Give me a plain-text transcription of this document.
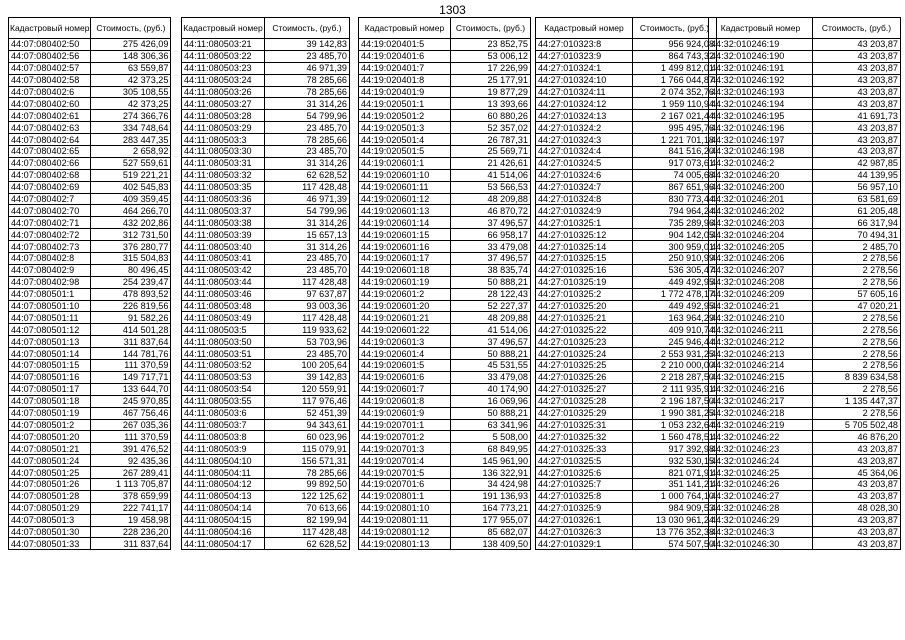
1303
Кадастровый номер	Стоимость, (руб.)
44:07:080402:50	275 426,09
44:07:080402:56	148 306,36
44:07:080402:57	63 559,87
44:07:080402:58	42 373,25
44:07:080402:6	305 108,55
44:07:080402:60	42 373,25
44:07:080402:61	274 366,76
44:07:080402:63	334 748,64
44:07:080402:64	283 447,35
44:07:080402:65	2 658,92
44:07:080402:66	527 559,61
44:07:080402:68	519 221,21
44:07:080402:69	402 545,83
44:07:080402:7	409 359,45
44:07:080402:70	464 266,70
44:07:080402:71	432 202,86
44:07:080402:72	312 731,50
44:07:080402:73	376 280,77
44:07:080402:8	315 504,83
44:07:080402:9	80 496,45
44:07:080402:98	254 239,47
44:07:080501:1	478 893,52
44:07:080501:10	226 819,56
44:07:080501:11	91 582,26
44:07:080501:12	414 501,28
44:07:080501:13	311 837,64
44:07:080501:14	144 781,76
44:07:080501:15	111 370,59
44:07:080501:16	149 717,71
44:07:080501:17	133 644,70
44:07:080501:18	245 970,85
44:07:080501:19	467 756,46
44:07:080501:2	267 035,36
44:07:080501:20	111 370,59
44:07:080501:21	391 476,52
44:07:080501:24	92 435,36
44:07:080501:25	267 289,41
44:07:080501:26	1 113 705,87
44:07:080501:28	378 659,99
44:07:080501:29	222 741,17
44:07:080501:3	19 458,98
44:07:080501:30	228 236,20
44:07:080501:33	311 837,64
Кадастровый номер	Стоимость, (руб.)
44:11:080503:21	39 142,83
44:11:080503:22	23 485,70
44:11:080503:23	46 971,39
44:11:080503:24	78 285,66
44:11:080503:26	78 285,66
44:11:080503:27	31 314,26
44:11:080503:28	54 799,96
44:11:080503:29	23 485,70
44:11:080503:3	78 285,66
44:11:080503:30	23 485,70
44:11:080503:31	31 314,26
44:11:080503:32	62 628,52
44:11:080503:35	117 428,48
44:11:080503:36	46 971,39
44:11:080503:37	54 799,96
44:11:080503:38	31 314,26
44:11:080503:39	15 657,13
44:11:080503:40	31 314,26
44:11:080503:41	23 485,70
44:11:080503:42	23 485,70
44:11:080503:44	117 428,48
44:11:080503:46	97 637,87
44:11:080503:48	93 003,36
44:11:080503:49	117 428,48
44:11:080503:5	119 933,62
44:11:080503:50	53 703,96
44:11:080503:51	23 485,70
44:11:080503:52	100 205,64
44:11:080503:53	39 142,83
44:11:080503:54	120 559,91
44:11:080503:55	117 976,46
44:11:080503:6	52 451,39
44:11:080503:7	94 343,61
44:11:080503:8	60 023,96
44:11:080503:9	115 079,91
44:11:080504:10	156 571,31
44:11:080504:11	78 285,66
44:11:080504:12	99 892,50
44:11:080504:13	122 125,62
44:11:080504:14	70 613,66
44:11:080504:15	82 199,94
44:11:080504:16	117 428,48
44:11:080504:17	62 628,52
Кадастровый номер	Стоимость, (руб.)
44:19:020401:5	23 852,75
44:19:020401:6	53 006,12
44:19:020401:7	17 226,99
44:19:020401:8	25 177,91
44:19:020401:9	19 877,29
44:19:020501:1	13 393,66
44:19:020501:2	60 880,26
44:19:020501:3	52 357,02
44:19:020501:4	26 787,31
44:19:020501:5	25 569,71
44:19:020601:1	21 426,61
44:19:020601:10	41 514,06
44:19:020601:11	53 566,53
44:19:020601:12	48 209,88
44:19:020601:13	46 870,72
44:19:020601:14	37 496,57
44:19:020601:15	66 958,17
44:19:020601:16	33 479,08
44:19:020601:17	37 496,57
44:19:020601:18	38 835,74
44:19:020601:19	50 888,21
44:19:020601:2	28 122,43
44:19:020601:20	52 227,37
44:19:020601:21	48 209,88
44:19:020601:22	41 514,06
44:19:020601:3	37 496,57
44:19:020601:4	50 888,21
44:19:020601:5	45 531,55
44:19:020601:6	33 479,08
44:19:020601:7	40 174,90
44:19:020601:8	16 069,96
44:19:020601:9	50 888,21
44:19:020701:1	63 341,96
44:19:020701:2	5 508,00
44:19:020701:3	68 849,95
44:19:020701:4	145 961,90
44:19:020701:5	136 322,91
44:19:020701:6	34 424,98
44:19:020801:1	191 136,93
44:19:020801:10	164 773,21
44:19:020801:11	177 955,07
44:19:020801:12	85 682,07
44:19:020801:13	138 409,50
Кадастровый номер	Стоимость, (руб.)
44:27:010323:8	956 924,08
44:27:010323:9	864 743,32
44:27:010324:1	1 499 812,01
44:27:010324:10	1 766 044,87
44:27:010324:11	2 074 352,76
44:27:010324:12	1 959 110,94
44:27:010324:13	2 167 021,44
44:27:010324:2	995 495,76
44:27:010324:3	1 221 701,18
44:27:010324:4	841 516,20
44:27:010324:5	917 073,61
44:27:010324:6	74 005,68
44:27:010324:7	867 651,96
44:27:010324:8	830 773,44
44:27:010324:9	794 964,24
44:27:010325:1	735 289,96
44:27:010325:12	904 142,05
44:27:010325:14	300 959,01
44:27:010325:15	250 910,99
44:27:010325:16	536 305,47
44:27:010325:19	449 492,95
44:27:010325:2	1 772 478,17
44:27:010325:20	449 492,95
44:27:010325:21	163 964,29
44:27:010325:22	409 910,74
44:27:010325:23	245 946,44
44:27:010325:24	2 553 931,25
44:27:010325:25	2 210 000,00
44:27:010325:26	2 218 287,50
44:27:010325:27	2 111 935,91
44:27:010325:28	2 196 187,50
44:27:010325:29	1 990 381,25
44:27:010325:31	1 053 232,64
44:27:010325:32	1 560 478,51
44:27:010325:33	917 392,98
44:27:010325:5	932 530,15
44:27:010325:6	821 071,91
44:27:010325:7	351 141,21
44:27:010325:8	1 000 764,10
44:27:010325:9	984 909,53
44:27:010326:1	13 030 961,24
44:27:010326:3	13 776 352,38
44:27:010329:1	574 507,50
Кадастровый номер	Стоимость, (руб.)
44:32:010246:19	43 203,87
44:32:010246:190	43 203,87
44:32:010246:191	43 203,87
44:32:010246:192	43 203,87
44:32:010246:193	43 203,87
44:32:010246:194	43 203,87
44:32:010246:195	41 691,73
44:32:010246:196	43 203,87
44:32:010246:197	43 203,87
44:32:010246:198	43 203,87
44:32:010246:2	42 987,85
44:32:010246:20	44 139,95
44:32:010246:200	56 957,10
44:32:010246:201	63 581,69
44:32:010246:202	61 205,48
44:32:010246:203	66 317,94
44:32:010246:204	70 494,31
44:32:010246:205	2 485,70
44:32:010246:206	2 278,56
44:32:010246:207	2 278,56
44:32:010246:208	2 278,56
44:32:010246:209	57 605,16
44:32:010246:21	47 020,21
44:32:010246:210	2 278,56
44:32:010246:211	2 278,56
44:32:010246:212	2 278,56
44:32:010246:213	2 278,56
44:32:010246:214	2 278,56
44:32:010246:215	8 839 634,58
44:32:010246:216	2 278,56
44:32:010246:217	1 135 447,37
44:32:010246:218	2 278,56
44:32:010246:219	5 705 502,48
44:32:010246:22	46 876,20
44:32:010246:23	43 203,87
44:32:010246:24	43 203,87
44:32:010246:25	45 364,06
44:32:010246:26	43 203,87
44:32:010246:27	43 203,87
44:32:010246:28	48 028,30
44:32:010246:29	43 203,87
44:32:010246:3	43 203,87
44:32:010246:30	43 203,87
